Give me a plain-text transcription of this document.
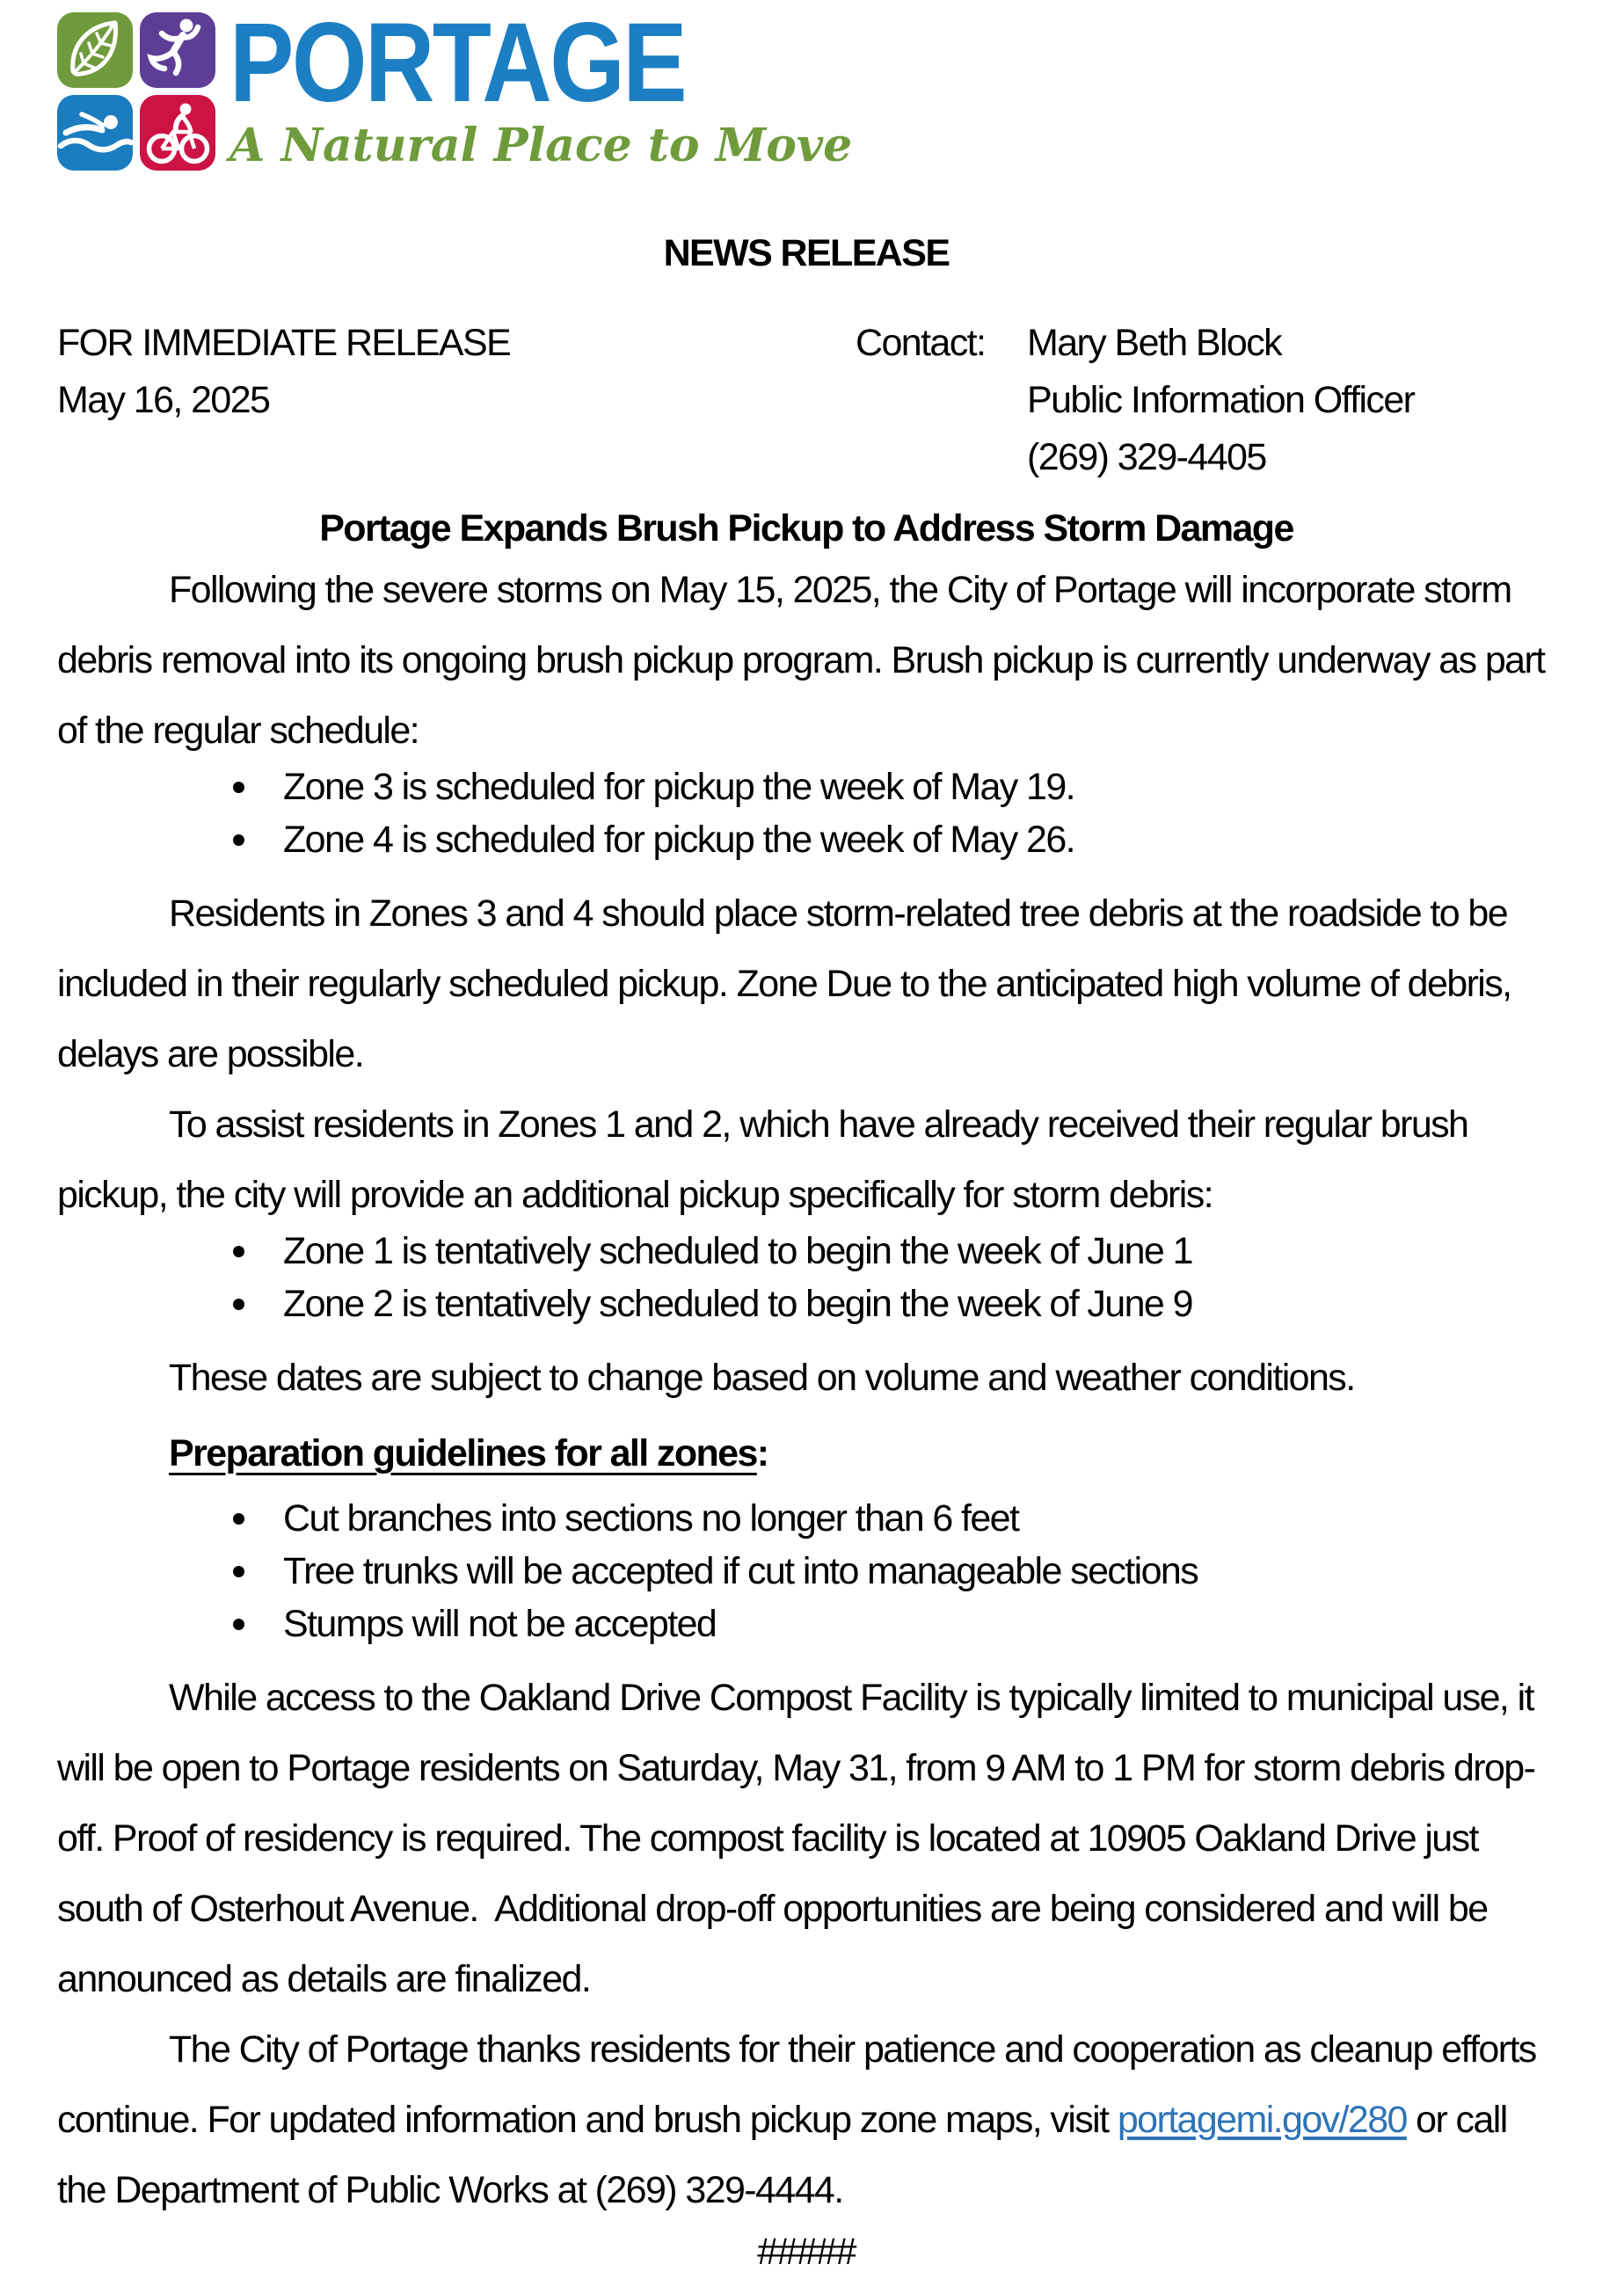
PORTAGE
A Natural Place to Move
NEWS RELEASE
FOR IMMEDIATE RELEASE
May 16, 2025
Contact:	Mary Beth Block
Public Information Officer
(269) 329-4405
Portage Expands Brush Pickup to Address Storm Damage

Following the severe storms on May 15, 2025, the City of Portage will incorporate storm debris removal into its ongoing brush pickup program. Brush pickup is currently underway as part of the regular schedule:

Zone 3 is scheduled for pickup the week of May 19.
Zone 4 is scheduled for pickup the week of May 26.

Residents in Zones 3 and 4 should place storm-related tree debris at the roadside to be included in their regularly scheduled pickup. Zone Due to the anticipated high volume of debris, delays are possible.

To assist residents in Zones 1 and 2, which have already received their regular brush pickup, the city will provide an additional pickup specifically for storm debris:

Zone 1 is tentatively scheduled to begin the week of June 1
Zone 2 is tentatively scheduled to begin the week of June 9

These dates are subject to change based on volume and weather conditions.

Preparation guidelines for all zones:

Cut branches into sections no longer than 6 feet
Tree trunks will be accepted if cut into manageable sections
Stumps will not be accepted

While access to the Oakland Drive Compost Facility is typically limited to municipal use, it will be open to Portage residents on Saturday, May 31, from 9 AM to 1 PM for storm debris drop-off. Proof of residency is required. The compost facility is located at 10905 Oakland Drive just south of Osterhout Avenue.  Additional drop-off opportunities are being considered and will be announced as details are finalized.

The City of Portage thanks residents for their patience and cooperation as cleanup efforts continue. For updated information and brush pickup zone maps, visit portagemi.gov/280 or call the Department of Public Works at (269) 329-4444.

#####
